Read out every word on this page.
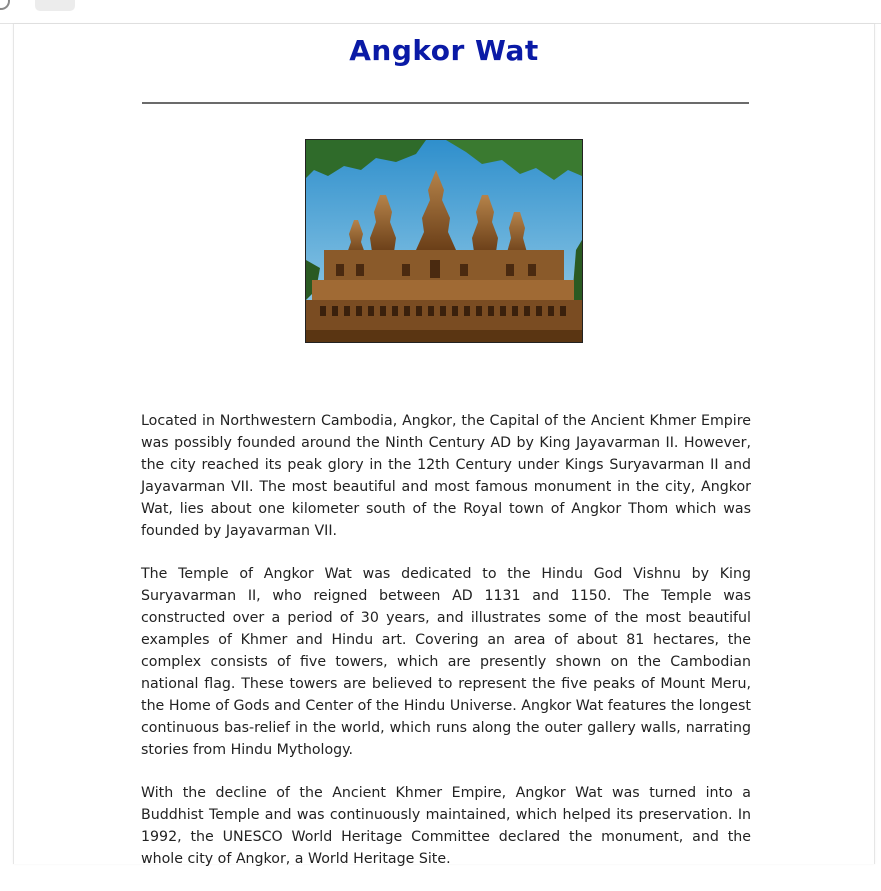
Angkor Wat

Located in Northwestern Cambodia, Angkor, the Capital of the Ancient Khmer Empire was possibly founded around the Ninth Century AD by King Jayavarman II. However, the city reached its peak glory in the 12th Century under Kings Suryavarman II and Jayavarman VII. The most beautiful and most famous monument in the city, Angkor Wat, lies about one kilometer south of the Royal town of Angkor Thom which was founded by Jayavarman VII.

The Temple of Angkor Wat was dedicated to the Hindu God Vishnu by King Suryavarman II, who reigned between AD 1131 and 1150. The Temple was constructed over a period of 30 years, and illustrates some of the most beautiful examples of Khmer and Hindu art. Covering an area of about 81 hectares, the complex consists of five towers, which are presently shown on the Cambodian national flag. These towers are believed to represent the five peaks of Mount Meru, the Home of Gods and Center of the Hindu Universe. Angkor Wat features the longest continuous bas-relief in the world, which runs along the outer gallery walls, narrating stories from Hindu Mythology.

With the decline of the Ancient Khmer Empire, Angkor Wat was turned into a Buddhist Temple and was continuously maintained, which helped its preservation. In 1992, the UNESCO World Heritage Committee declared the monument, and the whole city of Angkor, a World Heritage Site.
